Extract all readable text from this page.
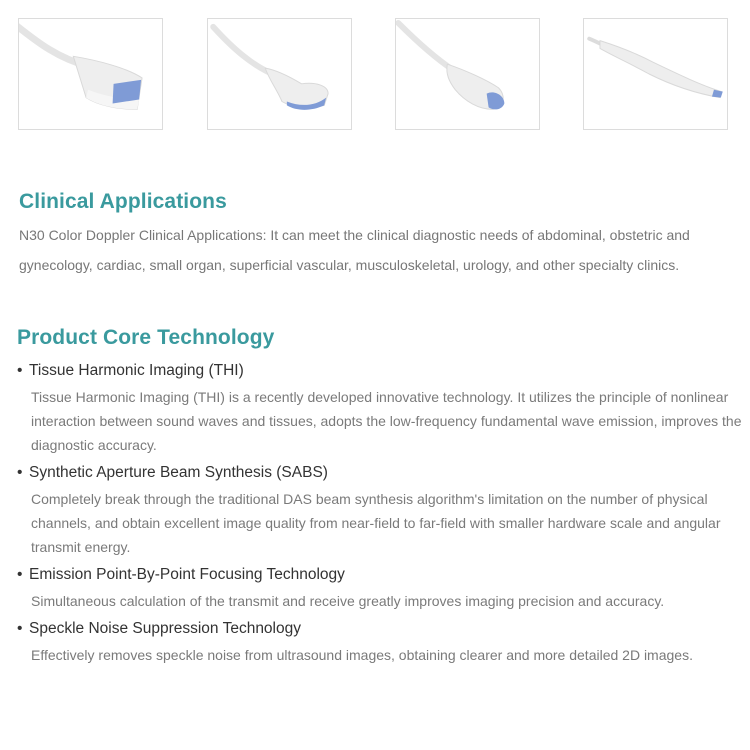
Clinical Applications

N30 Color Doppler Clinical Applications: It can meet the clinical diagnostic needs of abdominal, obstetric and gynecology, cardiac, small organ, superficial vascular, musculoskeletal, urology, and other specialty clinics.

Product Core Technology
• Tissue Harmonic Imaging (THI)

Tissue Harmonic Imaging (THI) is a recently developed innovative technology. It utilizes the principle of nonlinear interaction between sound waves and tissues, adopts the low-frequency fundamental wave emission, improves the diagnostic accuracy.

• Synthetic Aperture Beam Synthesis (SABS)

Completely break through the traditional DAS beam synthesis algorithm's limitation on the number of physical channels, and obtain excellent image quality from near-field to far-field with smaller hardware scale and angular transmit energy.

• Emission Point-By-Point Focusing Technology

Simultaneous calculation of the transmit and receive greatly improves imaging precision and accuracy.

• Speckle Noise Suppression Technology

Effectively removes speckle noise from ultrasound images, obtaining clearer and more detailed 2D images.
